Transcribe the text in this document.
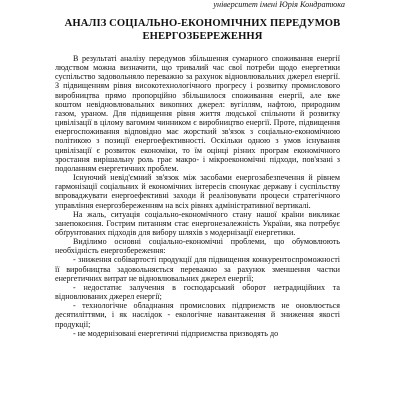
університет імені Юрія Кондратюка
АНАЛІЗ СОЦІАЛЬНО-ЕКОНОМІЧНИХ ПЕРЕДУМОВ ЕНЕРГОЗБЕРЕЖЕННЯ

В результаті аналізу передумов збільшення сумарного споживання енергії людством можна визначити, що тривалий час свої потреби щодо енергетики суспільство задовольняло переважно за рахунок відновлювальних джерел енергії. З підвищенням рівня високотехнологічного прогресу і розвитку промислового виробництва прямо пропорційно збільшилося споживання енергії, але вже коштом невідновлювальних викопних джерел: вугіллям, нафтою, природним газом, ураном. Для підвищення рівня життя людської спільноти й розвитку цивілізації в цілому вагомим чинником є виробництво енергії. Проте, підвищення енергоспоживання відповідно має жорсткий зв'язок з соціально-економічною політикою з позиції енергоефективності. Оскільки одною з умов існування цивілізації є розвиток економіки, то їм оцінці різних програм економічного зростання вирішальну роль грає макро- і мікроекономічні підходи, пов'язані з подоланням енергетичних проблем.

Існуючий невід'ємний зв'язок між засобами енергозабезпечення й рівнем гармонізації соціальних й економічних інтересів спонукає державу і суспільству впроваджувати енергоефективні заходи й реалізовувати процеси стратегічного управління енергозбереженням на всіх рівнях адміністративної вертикалі.

На жаль, ситуація соціально-економічного стану нашої країни викликає занепокоєння. Гострим питанням стає енергонезалежність України, яка потребує обґрунтованих підходів для вибору шляхів з модернізації енергетики.

Виділимо основні соціально-економічні проблеми, що обумовлюють необхідність енергозбереження:

- зниження собівартості продукції для підвищення конкурентоспроможності її виробництва задовольняється переважно за рахунок зменшення частки енергетичних витрат не відновлювальних джерел енергії;

- недостатнє залучення в господарський оборот нетрадиційних та відновлюваних джерел енергії;

- технологічне обладнання промислових підприємств не оновлюється десятиліттями, і як наслідок - екологічне навантаження й зниження якості продукції;

- не модернізовані енергетичні підприємства призводять до
